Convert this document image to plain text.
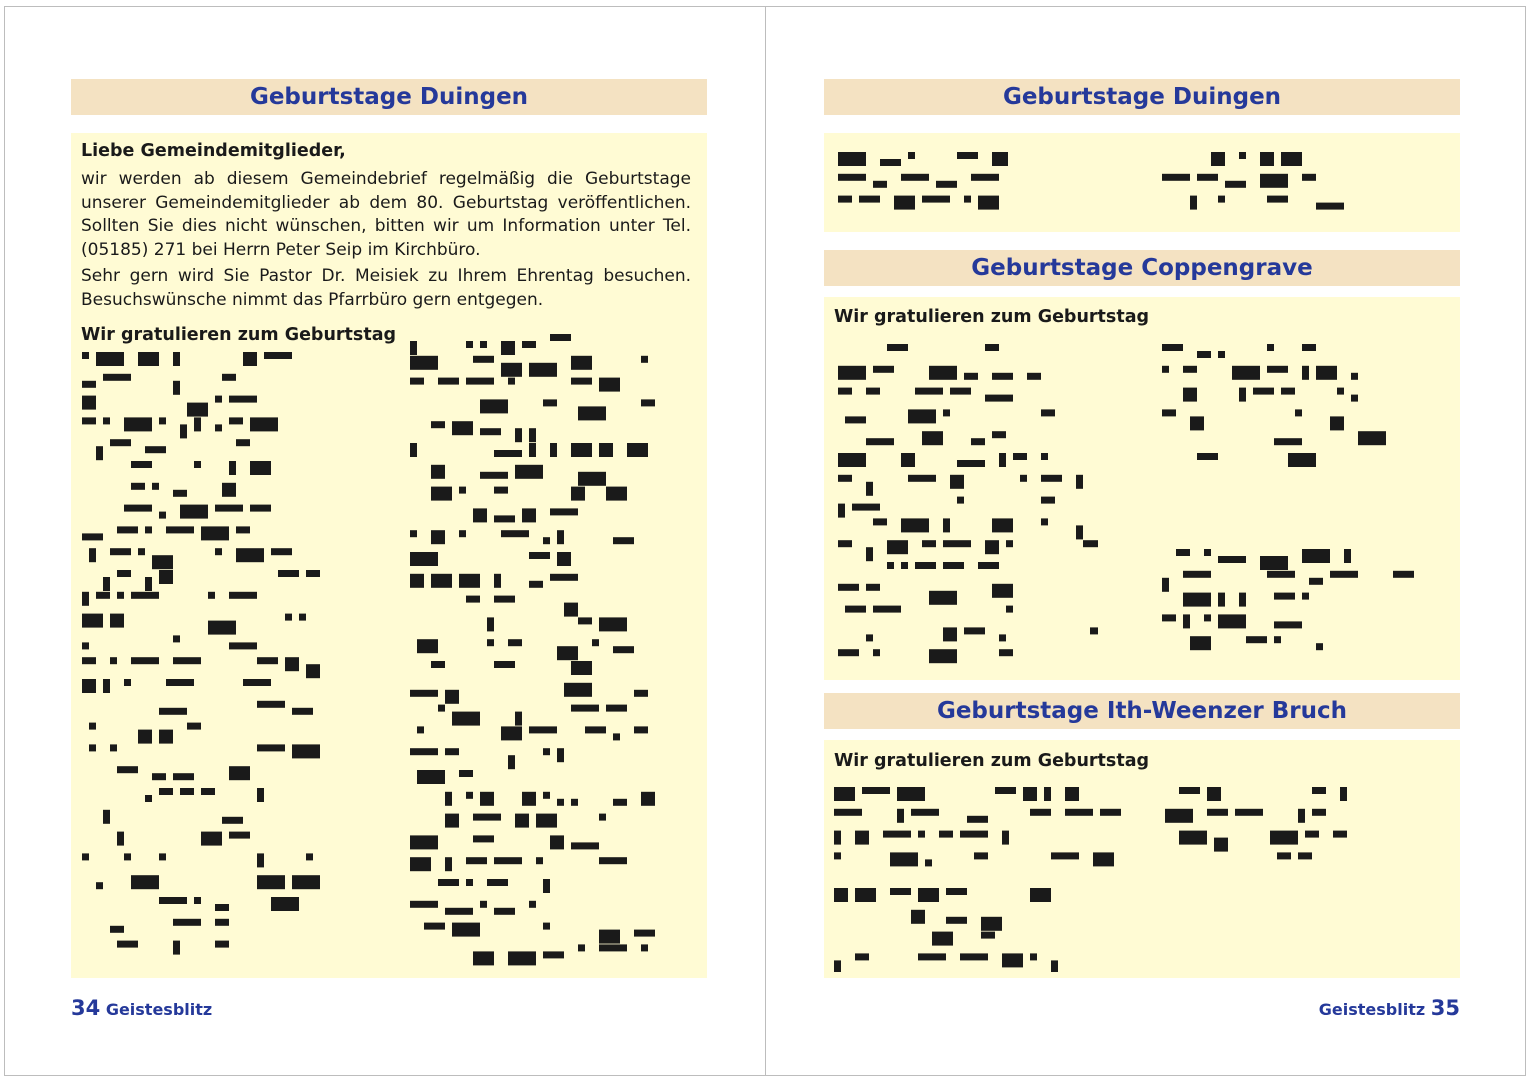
Geburtstage Duingen
Liebe Gemeindemitglieder,
wir werden ab diesem Gemeindebrief regelmäßig die Geburtstage unserer Gemeindemitglieder ab dem 80. Geburtstag veröffentlichen. Sollten Sie dies nicht wünschen, bitten wir um Information unter Tel. (05185) 271 bei Herrn Peter Seip im Kirchbüro.
Sehr gern wird Sie Pastor Dr. Meisiek zu Ihrem Ehrentag besuchen. Besuchswünsche nimmt das Pfarrbüro gern entgegen.
Wir gratulieren zum Geburtstag
34 Geistesblitz
Geburtstage Duingen
Geburtstage Coppengrave
Wir gratulieren zum Geburtstag
Geburtstage Ith-Weenzer Bruch
Wir gratulieren zum Geburtstag
Geistesblitz 35
